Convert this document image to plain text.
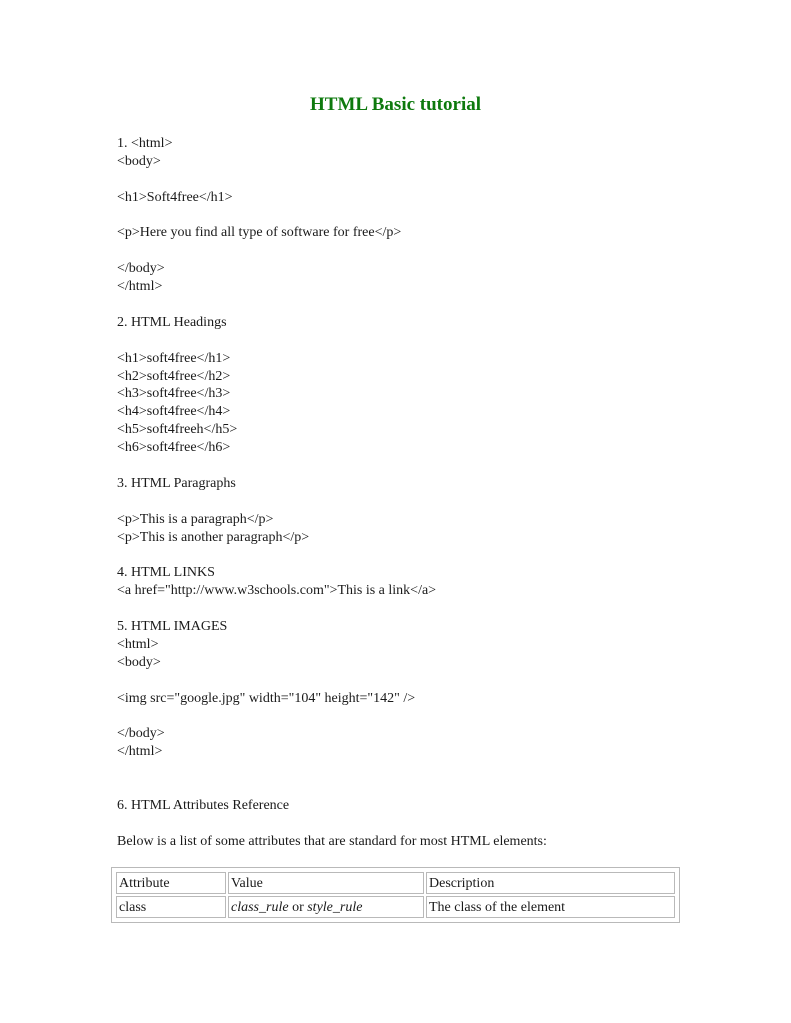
HTML Basic tutorial
1. <html>
<body>
<h1>Soft4free</h1>
<p>Here you find all type of software for free</p>
</body>
</html>
2. HTML Headings
<h1>soft4free</h1>
<h2>soft4free</h2>
<h3>soft4free</h3>
<h4>soft4free</h4>
<h5>soft4freeh</h5>
<h6>soft4free</h6>
3. HTML Paragraphs
<p>This is a paragraph</p>
<p>This is another paragraph</p>
4. HTML LINKS
<a href="http://www.w3schools.com">This is a link</a>
5. HTML IMAGES
<html>
<body>
<img src="google.jpg" width="104" height="142" />
</body>
</html>
6. HTML Attributes Reference
Below is a list of some attributes that are standard for most HTML elements:
Attribute	Value	Description
class	class_rule or style_rule	The class of the element
